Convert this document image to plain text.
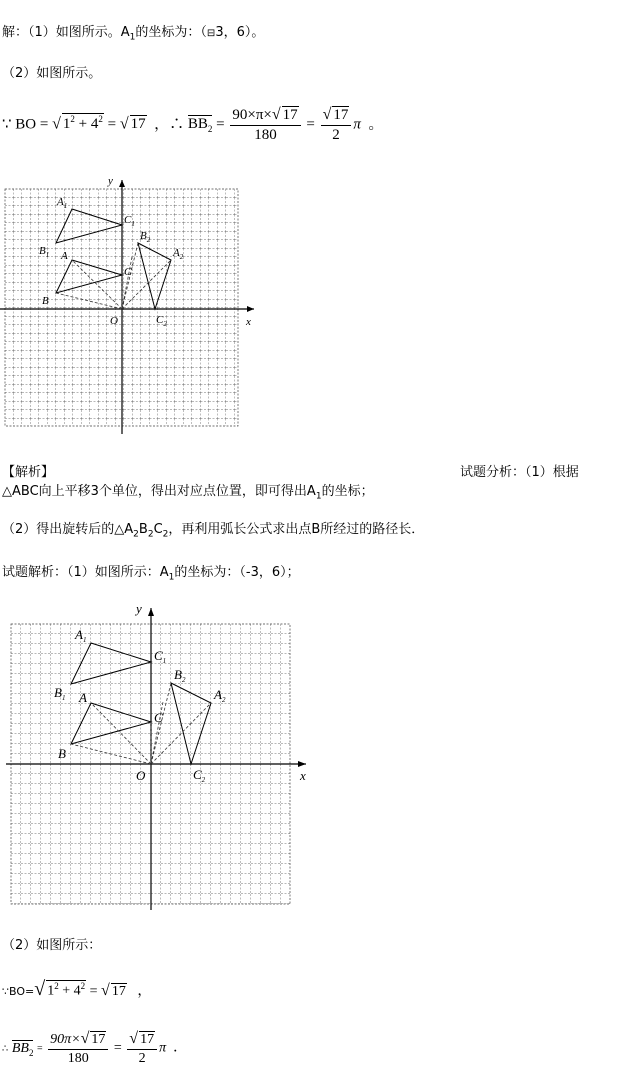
解：（1）如图所示。$A_1$的坐标为：（⊟3，6）。
（2）如图所示。
∵ BO = √ $1^2 + 4^2$ = √ 17  ，∴ $BB_2 = \frac{90\times\pi\times√ 17}{180} = \frac{√ 17}{2}$ π 。
y
x
O
$A_1$
$C_1$
$B_1$ A
C
B
$B_2$
$A_2$
$C_2$
【解析】	试题分析：（1）根据
△ABC向上平移3个单位，得出对应点位置，即可得出$A_1$的坐标；
（2）得出旋转后的$\triangle A_2B_2C_2$，再利用弧长公式求出点B所经过的路径长．
试题解析：（1）如图所示：$A_1$的坐标为：（-3，6）；
y
x
O
$A_1$
$C_1$
$B_1$ A
C
B
$B_2$
$A_2$
$C_2$
（2）如图所示：
∵BO=√ $1^2 + 4^2$ = √ 17 ，
∴ $BB_2 = \frac{90\pi\times√ 17}{180} = \frac{√ 17}{2}$ π ．
